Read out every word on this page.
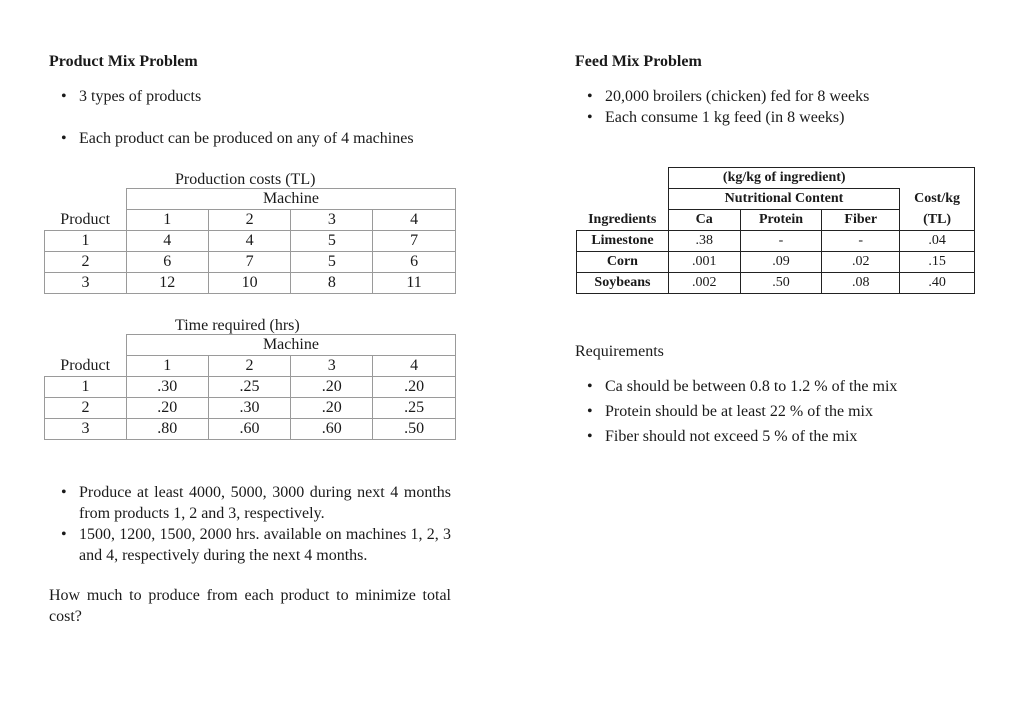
Product Mix Problem
• 3 types of products
• Each product can be produced on any of 4 machines
Production costs (TL)
	Machine			
Product	1	2	3	4
1	4	4	5	7
2	6	7	5	6
3	12	10	8	11
Time required (hrs)
	Machine			
Product	1	2	3	4
1	.30	.25	.20	.20
2	.20	.30	.20	.25
3	.80	.60	.60	.50
• Produce at least 4000, 5000, 3000 during next 4 months from products 1, 2 and 3, respectively.
• 1500, 1200, 1500, 2000 hrs. available on machines 1, 2, 3 and 4, respectively during the next 4 months.
How much to produce from each product to minimize total cost?
Feed Mix Problem
• 20,000 broilers (chicken) fed for 8 weeks
• Each consume 1 kg feed (in 8 weeks)
	(kg/kg of ingredient)			
	Nutritional Content			Cost/kg
Ingredients	Ca	Protein	Fiber	(TL)
Limestone	.38	-	-	.04
Corn	.001	.09	.02	.15
Soybeans	.002	.50	.08	.40
Requirements
• Ca should be between 0.8 to 1.2 % of the mix
• Protein should be at least 22 % of the mix
• Fiber should not exceed 5 % of the mix
